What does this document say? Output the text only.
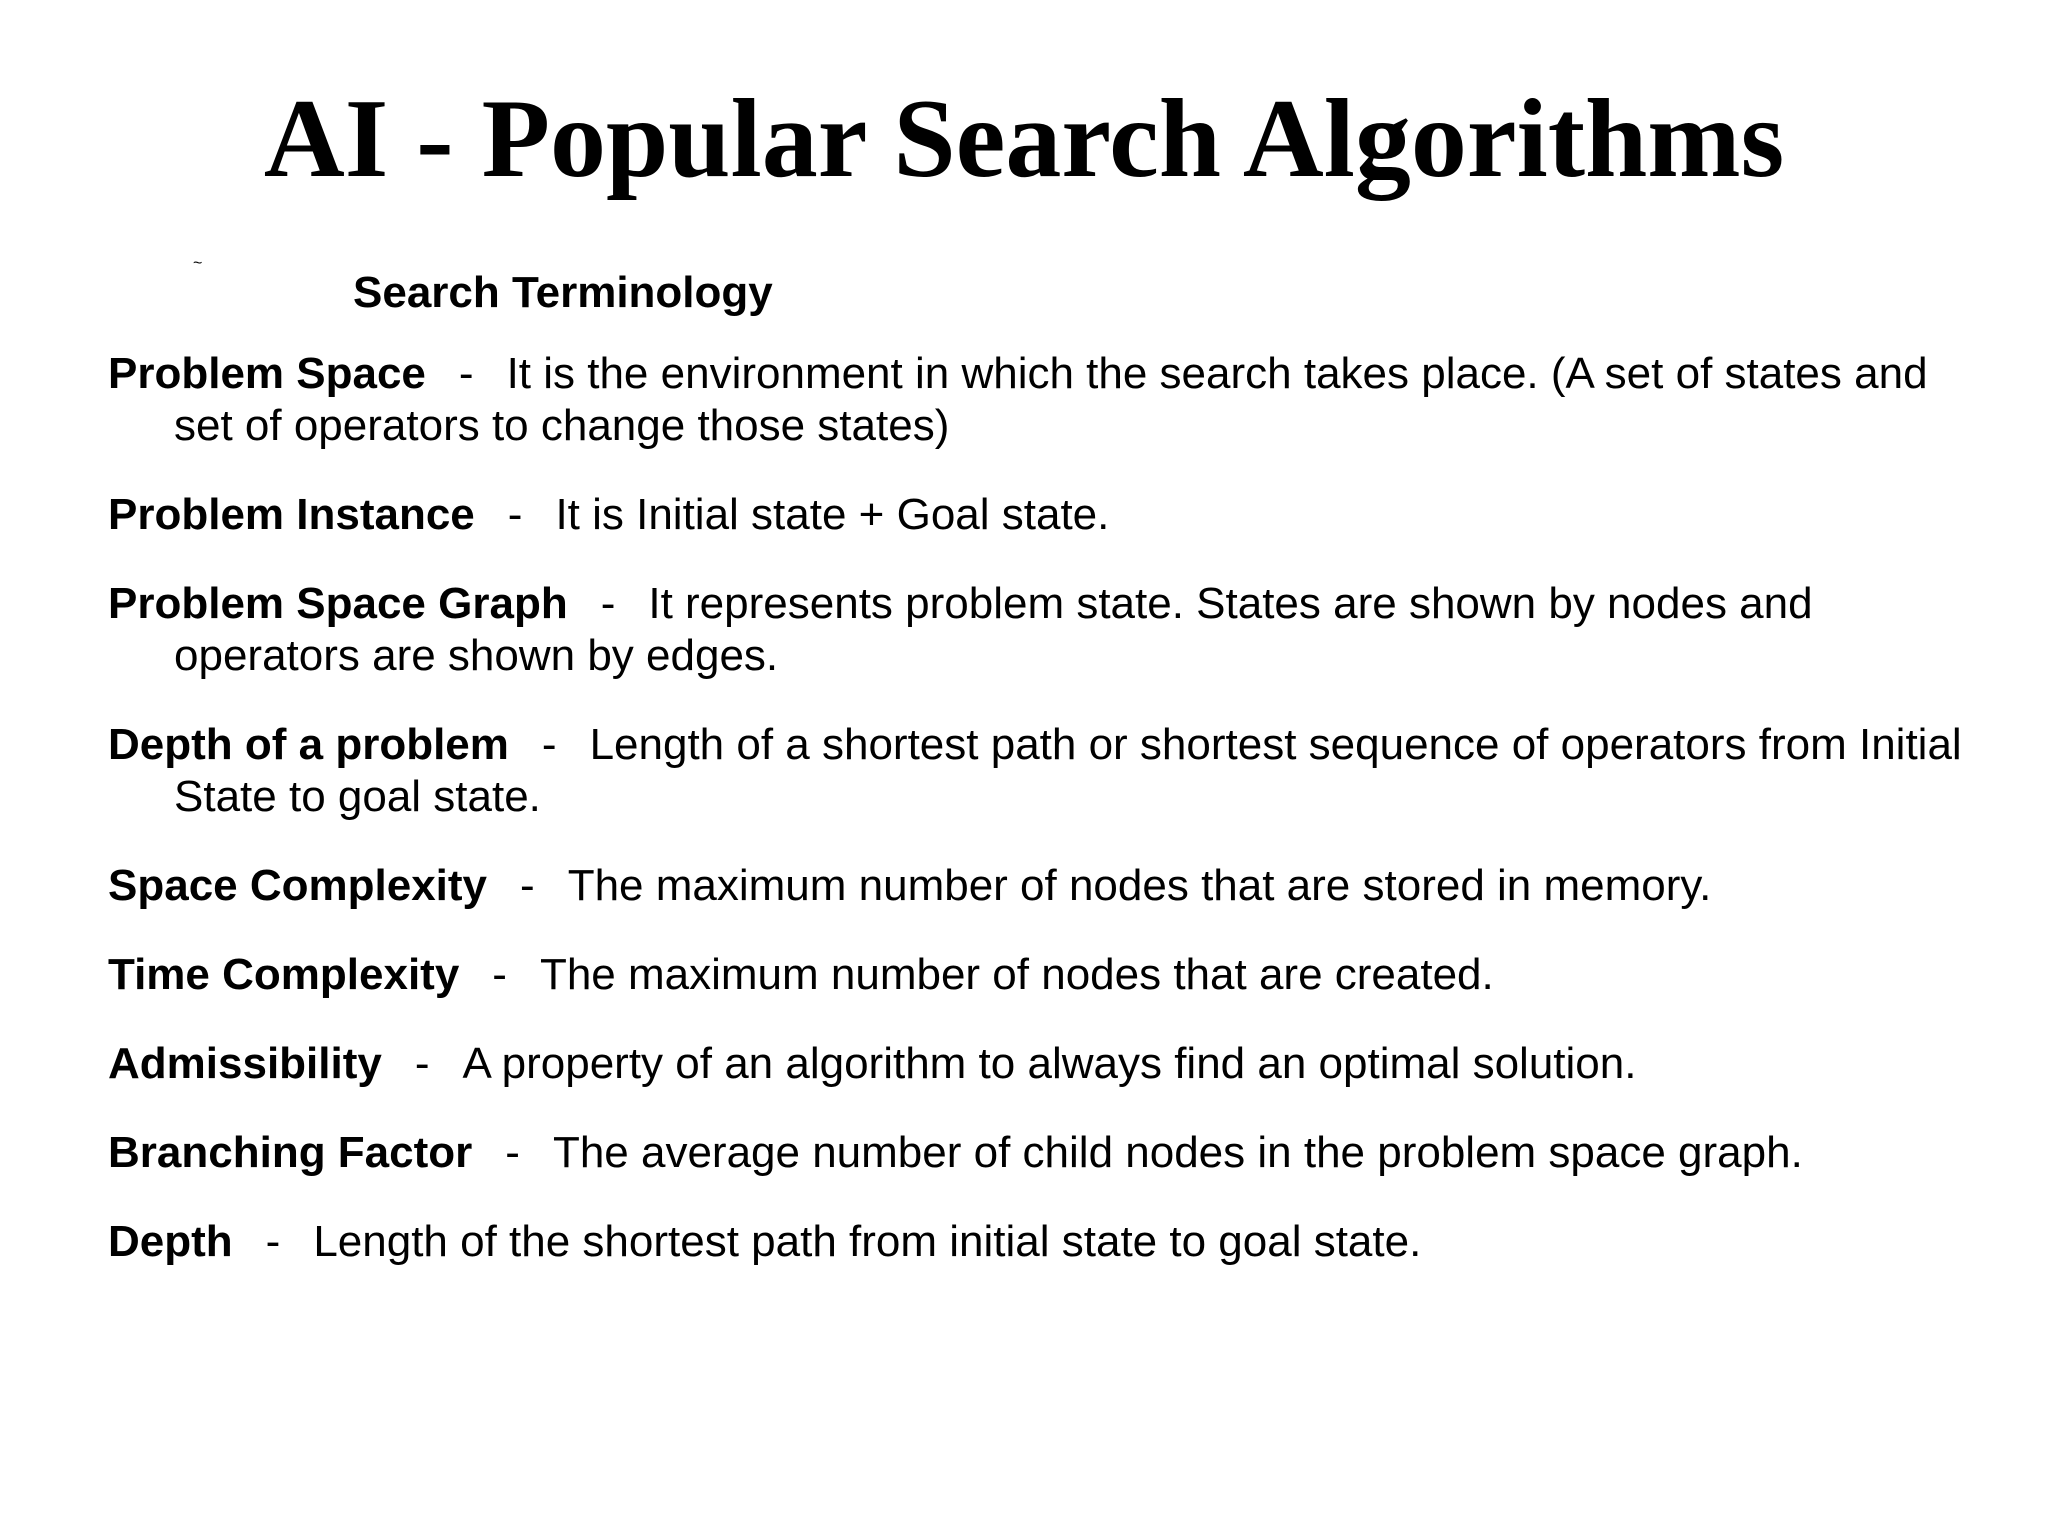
AI - Popular Search Algorithms
~
Search Terminology
Problem Space - It is the environment in which the search takes place. (A set of states and set of operators to change those states)
Problem Instance - It is Initial state + Goal state.
Problem Space Graph - It represents problem state. States are shown by nodes and operators are shown by edges.
Depth of a problem - Length of a shortest path or shortest sequence of operators from Initial State to goal state.
Space Complexity - The maximum number of nodes that are stored in memory.
Time Complexity - The maximum number of nodes that are created.
Admissibility - A property of an algorithm to always find an optimal solution.
Branching Factor - The average number of child nodes in the problem space graph.
Depth - Length of the shortest path from initial state to goal state.
